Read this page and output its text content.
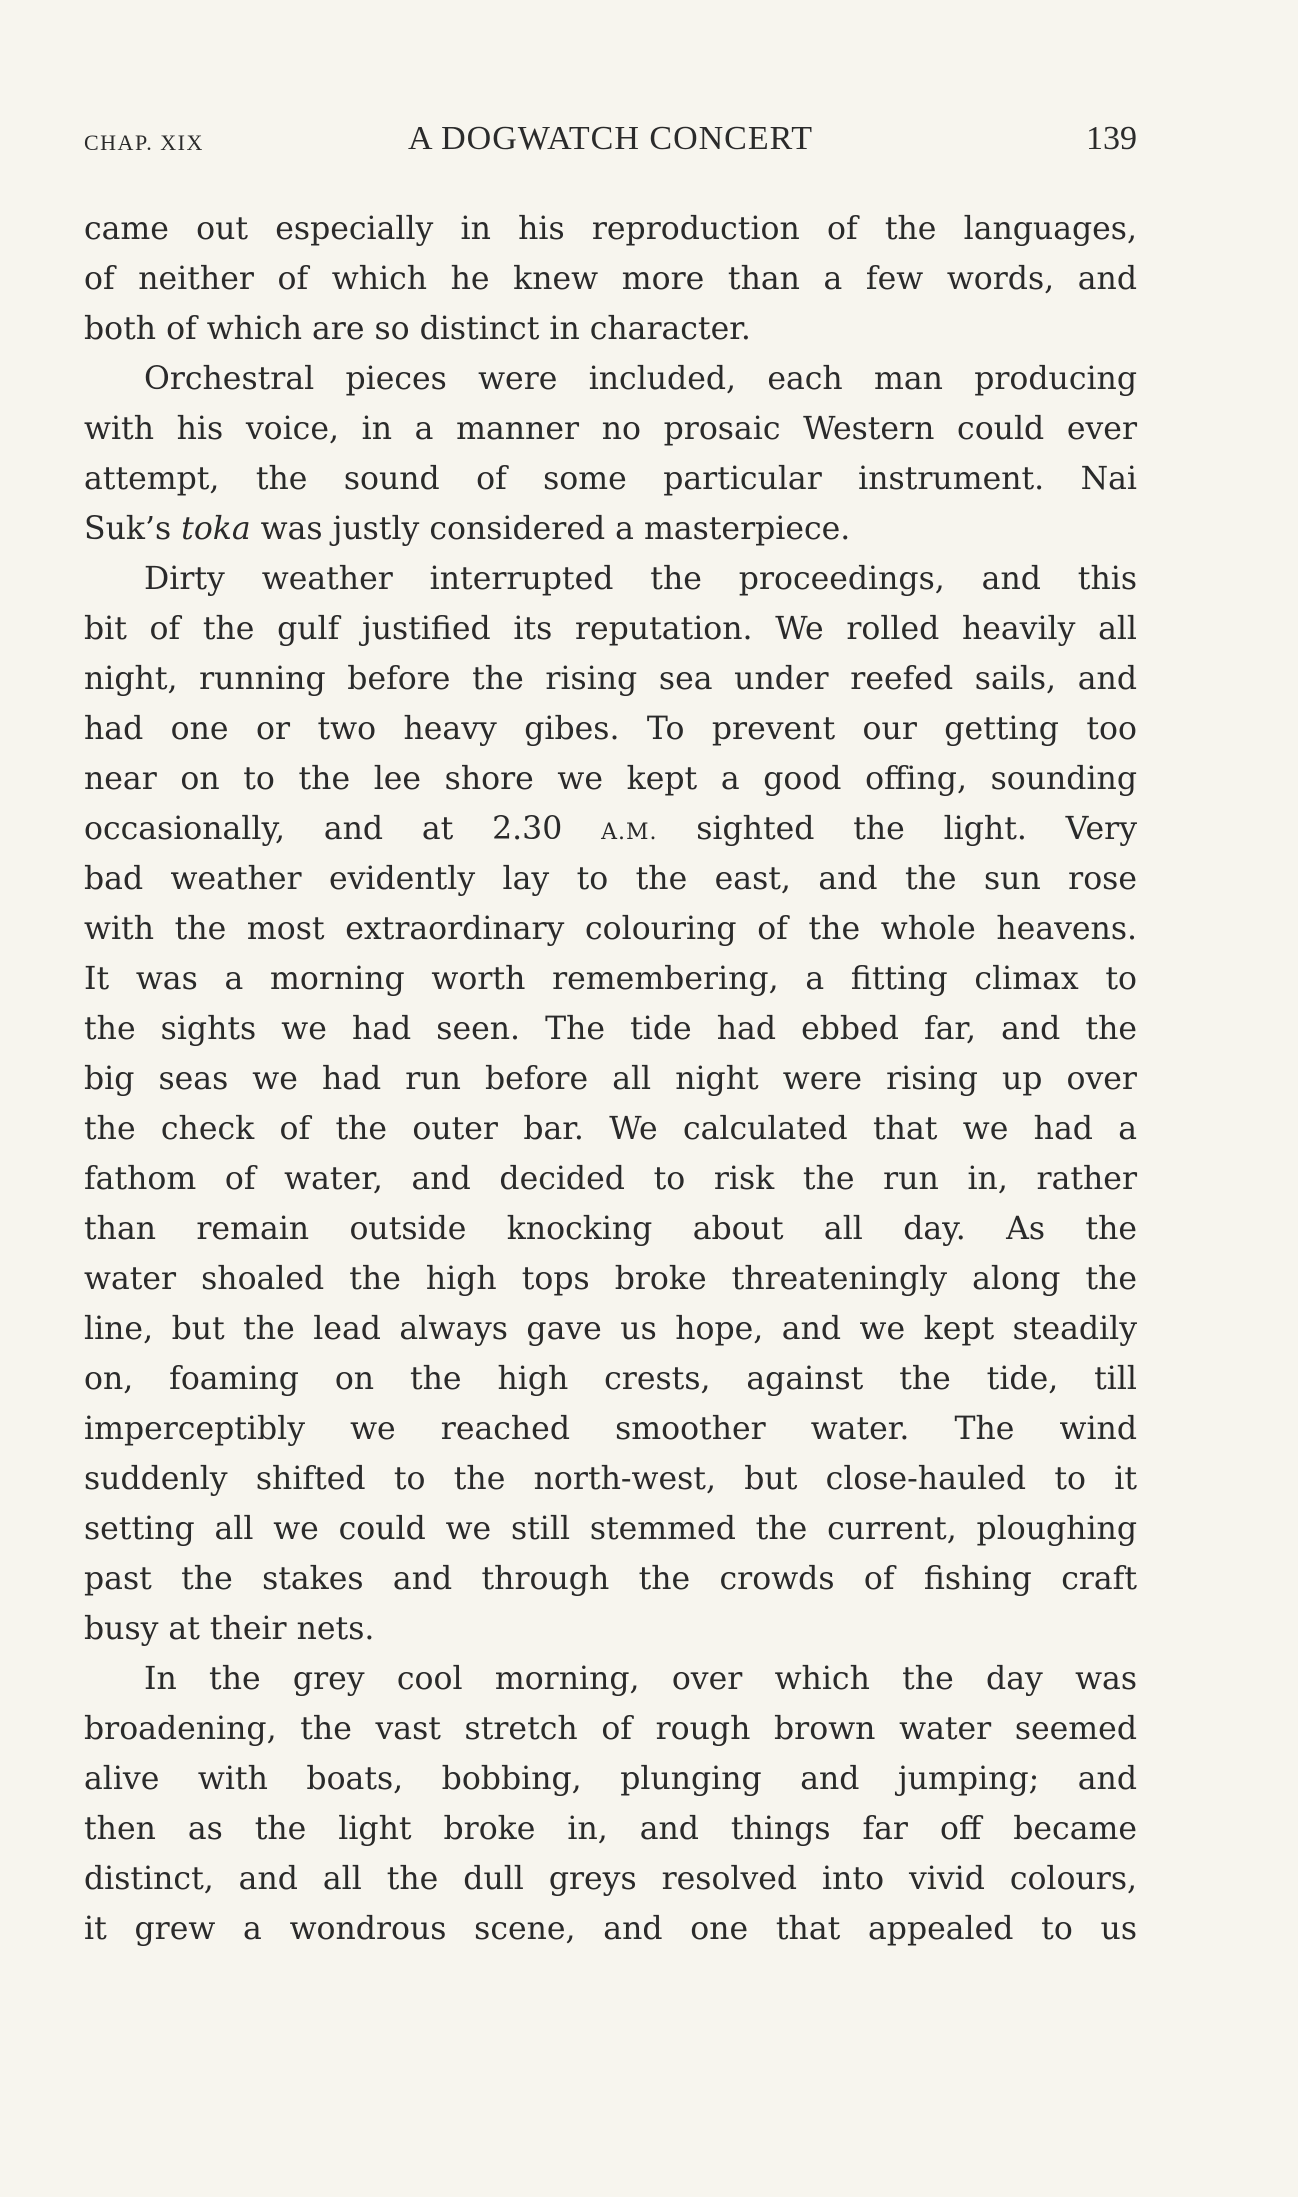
CHAP. XIX	A DOGWATCH CONCERT	139
came out especially in his reproduction of the languages,
of neither of which he knew more than a few words, and
both of which are so distinct in character.
Orchestral pieces were included, each man producing
with his voice, in a manner no prosaic Western could ever
attempt, the sound of some particular instrument. Nai
Suk’s toka was justly considered a masterpiece.
Dirty weather interrupted the proceedings, and this
bit of the gulf justified its reputation. We rolled heavily all
night, running before the rising sea under reefed sails, and
had one or two heavy gibes. To prevent our getting too
near on to the lee shore we kept a good offing, sounding
occasionally, and at 2.30 A.M. sighted the light. Very
bad weather evidently lay to the east, and the sun rose
with the most extraordinary colouring of the whole heavens.
It was a morning worth remembering, a fitting climax to
the sights we had seen. The tide had ebbed far, and the
big seas we had run before all night were rising up over
the check of the outer bar. We calculated that we had a
fathom of water, and decided to risk the run in, rather
than remain outside knocking about all day. As the
water shoaled the high tops broke threateningly along the
line, but the lead always gave us hope, and we kept steadily
on, foaming on the high crests, against the tide, till
imperceptibly we reached smoother water. The wind
suddenly shifted to the north-west, but close-hauled to it
setting all we could we still stemmed the current, ploughing
past the stakes and through the crowds of fishing craft
busy at their nets.
In the grey cool morning, over which the day was
broadening, the vast stretch of rough brown water seemed
alive with boats, bobbing, plunging and jumping; and
then as the light broke in, and things far off became
distinct, and all the dull greys resolved into vivid colours,
it grew a wondrous scene, and one that appealed to us
